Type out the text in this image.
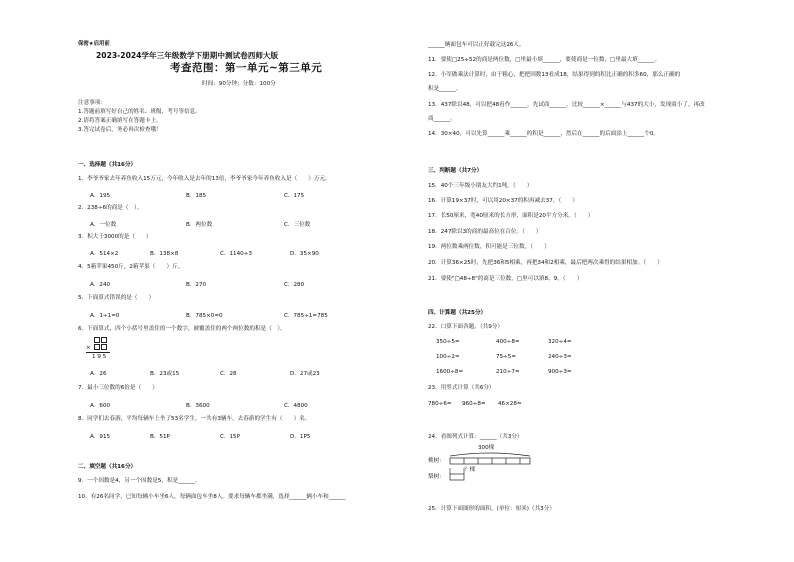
保密★启用前
2023-2024学年三年级数学下册期中测试卷西师大版
考查范围：第一单元~第三单元
时间：90分钟；分数：100分
注意事项：
1.答题前填写好自己的姓名、班级、考号等信息。
2.请将答案正确填写在答题卡上。
3.答完试卷后，务必再次检查哦！
一、选择题（共16分）
1．李爷爷家去年养鱼收入15万元，今年收入是去年的13倍，李爷爷家今年养鱼收入是（　　）万元。
A．195	B．185	C．175
2．238÷6的商是（　）。
A．一位数	B．两位数	C．三位数
3．积大于3000的是（　　）
A．514×2	B．138×8	C．1140÷3	D．35×90
4．5箱苹果450斤，2箱苹果（　　）斤。
A．240	B．270	C．280
5．下面算式错误的是（　　）
A．1÷1=0	B．785×0=0	C．785÷1=785
6．下面算式，四个小括号里盖住的一个数字，被覆盖住的两个两位数的积是（　）。
×
1 9 5
A．26	B．23或15	C．28	D．27或23
7．最小三位数的6倍是（　　）
A．600	B．3600	C．4800
8．同学们去春游，平均每辆车上坐了53名学生，一共有3辆车，去春游的学生有（　　）名。
A．915	B．51P	C．15P	D．1P5
二、填空题（共16分）
9．一个因数是4，另一个因数是5，积是______。
10．有26名同学，已知每辆小车坐6人，每辆面包车坐8人。要求每辆车都坐满，选择______辆小车和______
______辆面包车可以正好载完这26人。
11．要使□25÷52的商是两位数，□里最小填______，要使商是一位数，□里最大填______。
12．小军做乘法计算时，由于粗心，把把因数13看成18，结果得到的积比正确的积多60，那么正确的
积是______。
13．437除以48，可以把48看作______，先试商______。比较______×______与437的大小，发现商小了，再改
商______。
14．30×40，可以先算______乘______的积是______，然后在______的后面添上______个0。
三、判断题（共7分）
15．40个三年级小朋友大约1吨。（　　）
16．计算19×37时，可以用20×37的积再减去37。（　　）
17．长50厘米，宽40厘米的长方形，面积是20平方分米。（　　）
18．247除以3的商的最高位在百位。（　　）
19．两位数乘两位数，积可能是三位数。（　　）
20．计算36×25时，先把36和5相乘，再把34和2相乘，最后把两次乘得的结果相加。（　　）
21．要使"□48÷8"的商是三位数，□里可以填8、9。（　　）
四、计算题（共25分）
22．口算下面各题。（共9分）
350÷5=	400÷8=	320÷4=
100÷2=	75÷5=	240÷3=
1600÷8=	210÷7=	900÷3=
23．用竖式计算（共6分）
780÷6= 960÷8= 46×28=
24．看图列式计算：______（共3分）
300棵
桃树：
梨树：
？棵
25．计算下面图形的面积。(单位：厘米)（共3分）
